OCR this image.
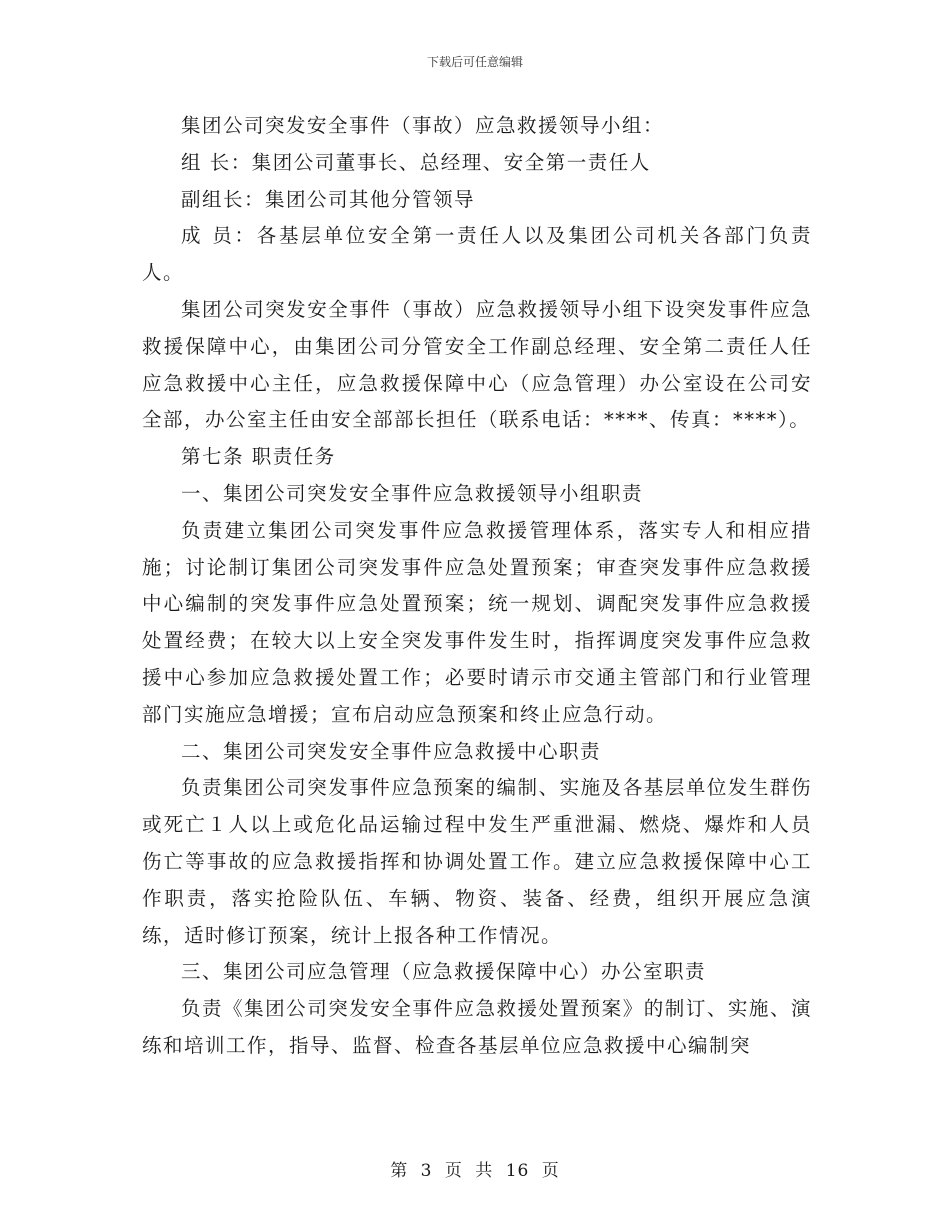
下载后可任意编辑

集团公司突发安全事件（事故）应急救援领导小组：

组 长：集团公司董事长、总经理、安全第一责任人

副组长：集团公司其他分管领导

成 员：各基层单位安全第一责任人以及集团公司机关各部门负责人。

集团公司突发安全事件（事故）应急救援领导小组下设突发事件应急救援保障中心，由集团公司分管安全工作副总经理、安全第二责任人任应急救援中心主任，应急救援保障中心（应急管理）办公室设在公司安全部，办公室主任由安全部部长担任（联系电话：****、传真：****）。

第七条 职责任务

一、集团公司突发安全事件应急救援领导小组职责

负责建立集团公司突发事件应急救援管理体系，落实专人和相应措施；讨论制订集团公司突发事件应急处置预案；审查突发事件应急救援中心编制的突发事件应急处置预案；统一规划、调配突发事件应急救援处置经费；在较大以上安全突发事件发生时，指挥调度突发事件应急救援中心参加应急救援处置工作；必要时请示市交通主管部门和行业管理部门实施应急增援；宣布启动应急预案和终止应急行动。

二、集团公司突发安全事件应急救援中心职责

负责集团公司突发事件应急预案的编制、实施及各基层单位发生群伤或死亡１人以上或危化品运输过程中发生严重泄漏、燃烧、爆炸和人员伤亡等事故的应急救援指挥和协调处置工作。建立应急救援保障中心工作职责，落实抢险队伍、车辆、物资、装备、经费，组织开展应急演练，适时修订预案，统计上报各种工作情况。

三、集团公司应急管理（应急救援保障中心）办公室职责

负责《集团公司突发安全事件应急救援处置预案》的制订、实施、演练和培训工作，指导、监督、检查各基层单位应急救援中心编制突

第 3 页 共 16 页
